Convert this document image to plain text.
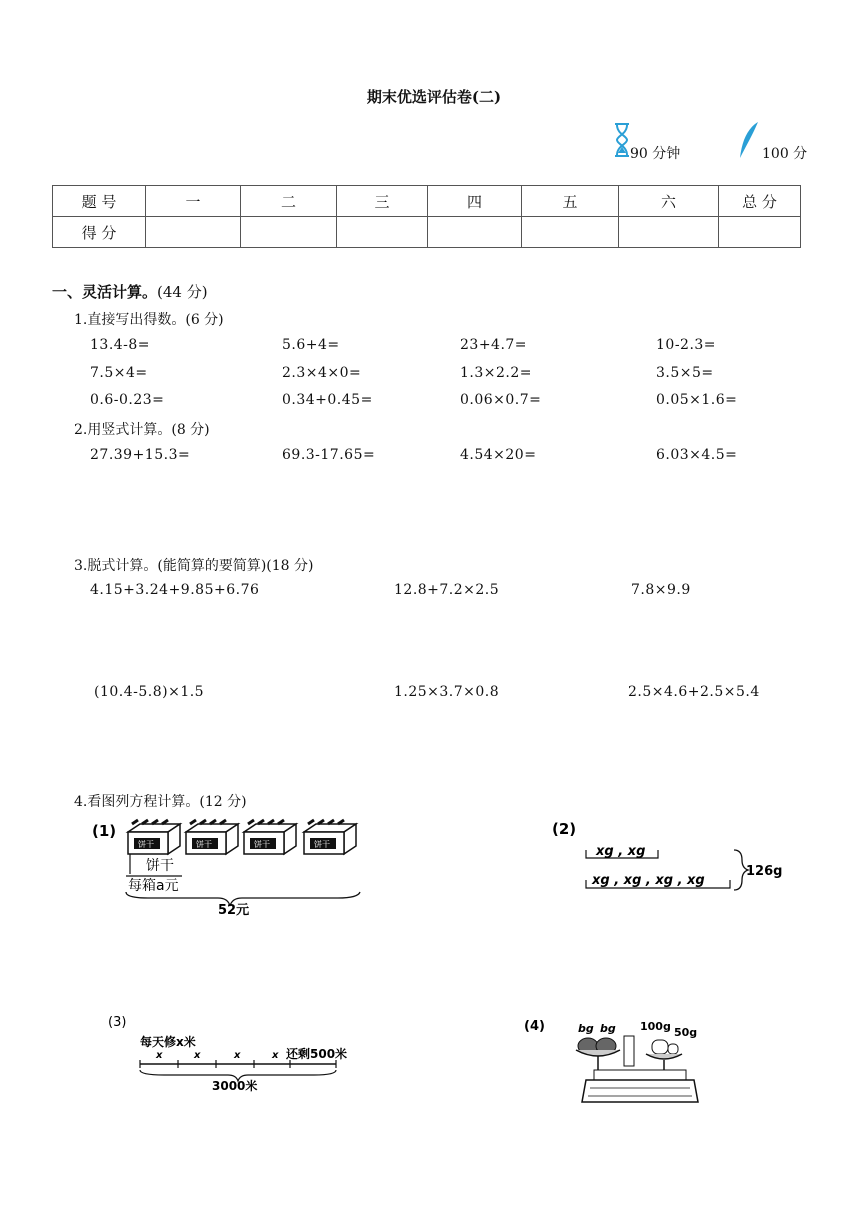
期末优选评估卷(二)
90 分钟	100 分
题 号	一	二	三	四	五	六	总 分
得 分							
一、灵活计算。(44 分)
1.直接写出得数。(6 分)
13.4-8=	5.6+4=	23+4.7=	10-2.3=
7.5×4=	2.3×4×0=	1.3×2.2=	3.5×5=
0.6-0.23=	0.34+0.45=	0.06×0.7=	0.05×1.6=
2.用竖式计算。(8 分)
27.39+15.3=	69.3-17.65=	4.54×20=	6.03×4.5=
3.脱式计算。(能简算的要简算)(18 分)
4.15+3.24+9.85+6.76	12.8+7.2×2.5	7.8×9.9
(10.4-5.8)×1.5	1.25×3.7×0.8	2.5×4.6+2.5×5.4
4.看图列方程计算。(12 分)
(1)
饼干	饼干	饼干	饼干
饼干
每箱a元
52元
(2)
xg , xg
xg , xg , xg , xg
126g
(3)
每天修x米
x	x	x	x 还剩500米
3000米
(4)	bg bg 100g 50g
